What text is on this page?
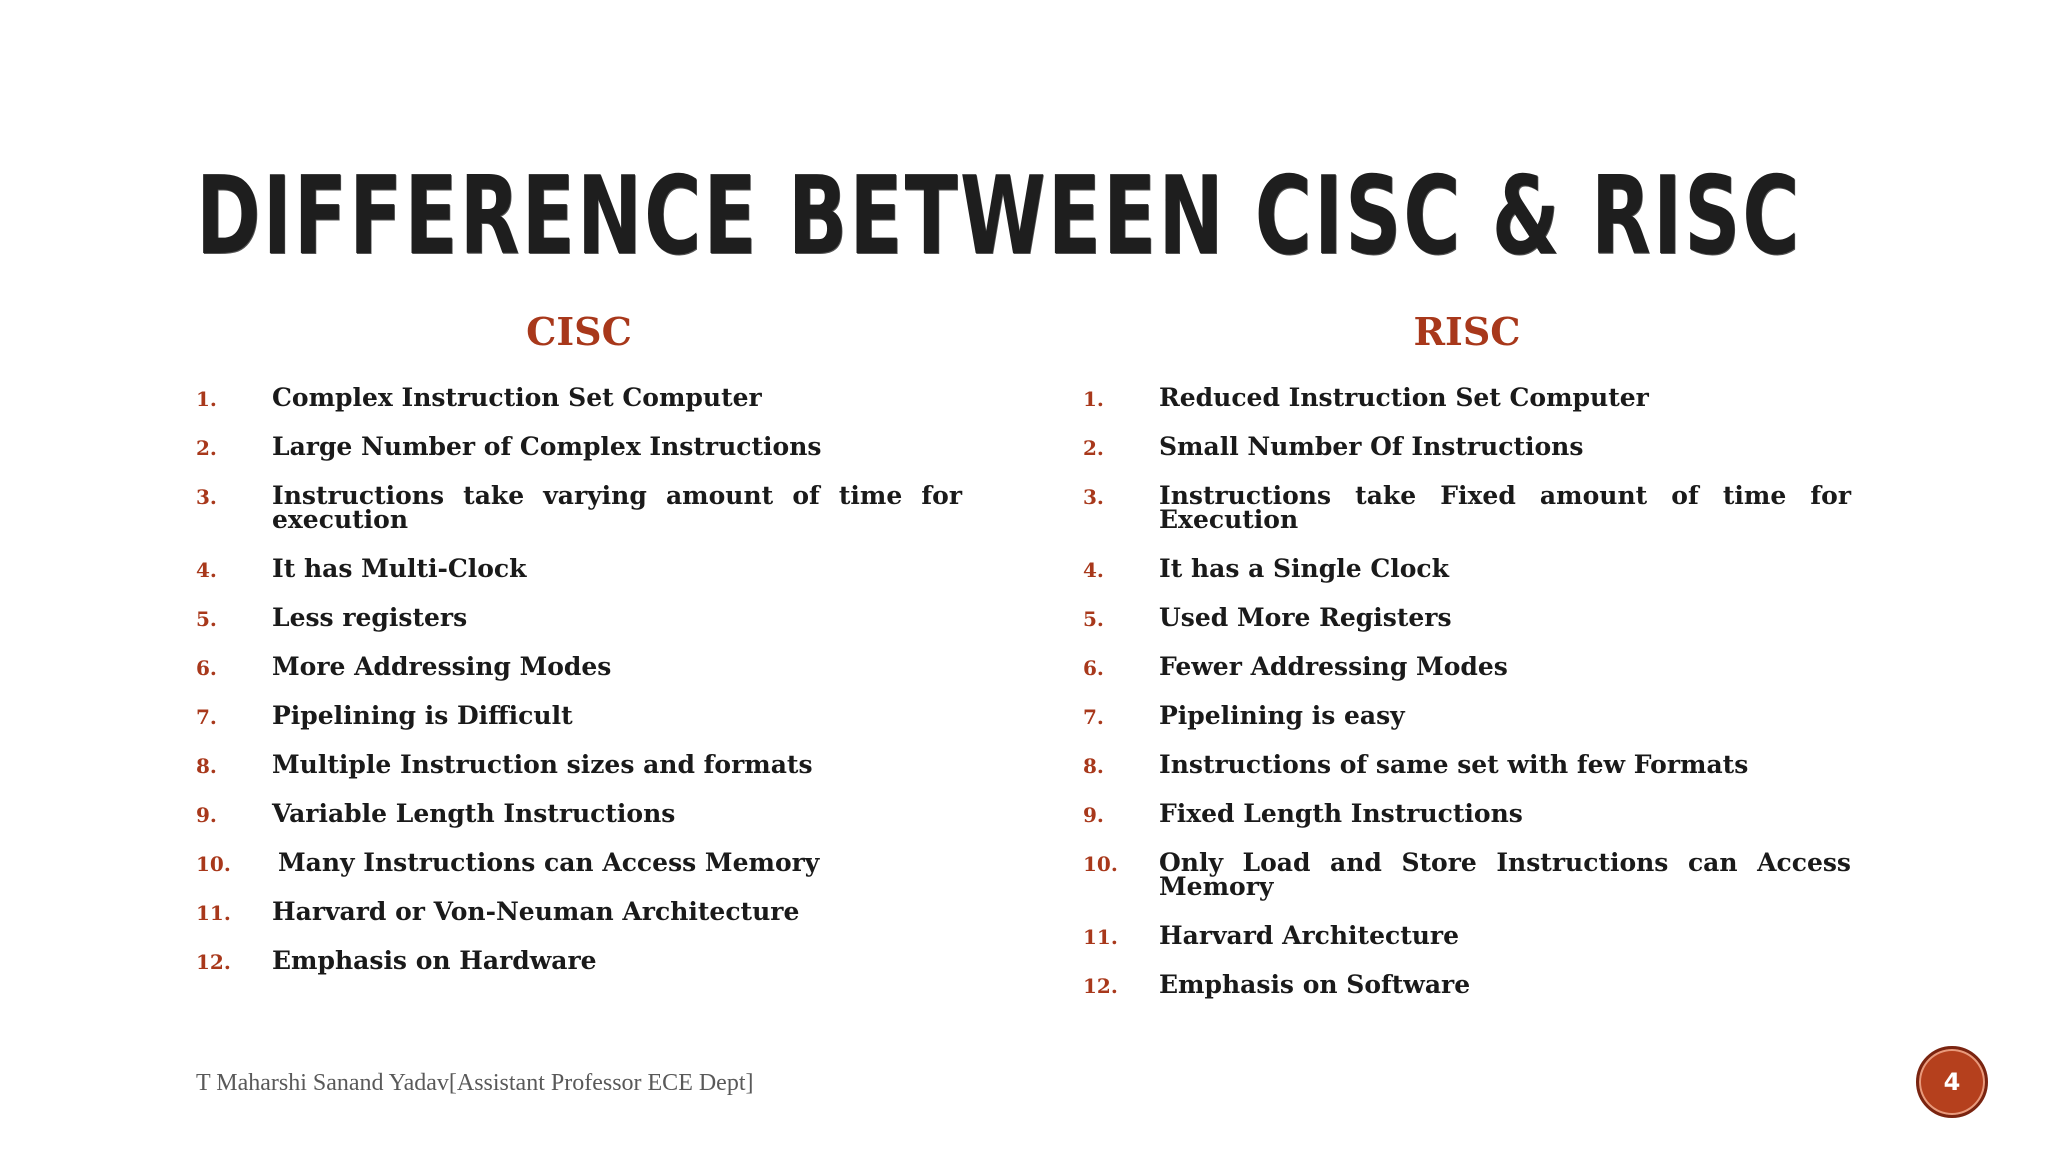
DIFFERENCE BETWEEN CISC & RISC
CISC
1. Complex Instruction Set Computer
2. Large Number of Complex Instructions
3. Instructions take varying amount of time for execution
4. It has Multi-Clock
5. Less registers
6. More Addressing Modes
7. Pipelining is Difficult
8. Multiple Instruction sizes and formats
9. Variable Length Instructions
10. Many Instructions can Access Memory
11. Harvard or Von-Neuman Architecture
12. Emphasis on Hardware
RISC
1. Reduced Instruction Set Computer
2. Small Number Of Instructions
3. Instructions take Fixed amount of time for Execution
4. It has a Single Clock
5. Used More Registers
6. Fewer Addressing Modes
7. Pipelining is easy
8. Instructions of same set with few Formats
9. Fixed Length Instructions
10. Only Load and Store Instructions can Access Memory
11. Harvard Architecture
12. Emphasis on Software
T Maharshi Sanand Yadav[Assistant Professor ECE Dept]	4
